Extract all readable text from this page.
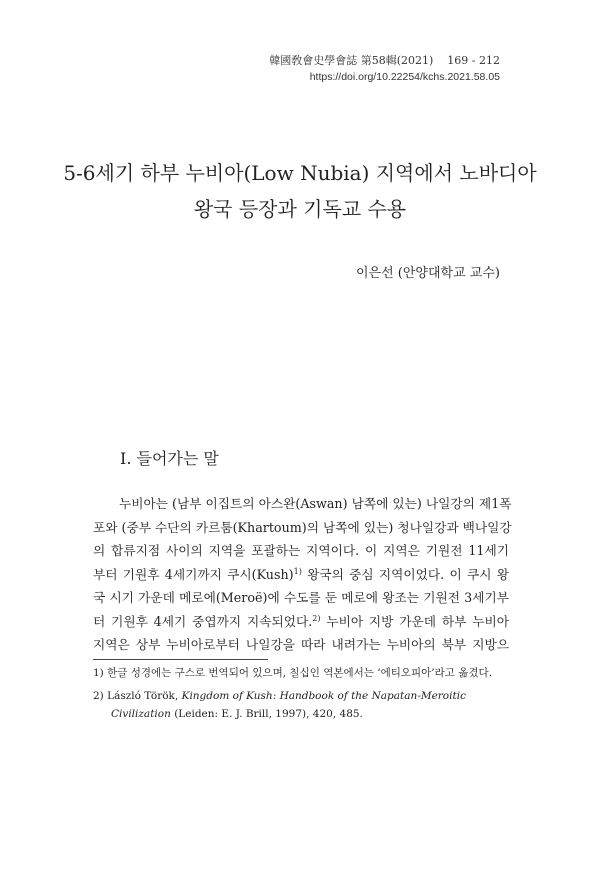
韓國敎會史學會誌 第58輯(2021) 169 - 212
https://doi.org/10.22254/kchs.2021.58.05
5-6세기 하부 누비아(Low Nubia) 지역에서 노바디아
왕국 등장과 기독교 수용
이은선 (안양대학교 교수)
I. 들어가는 말
누비아는 (남부 이집트의 아스완(Aswan) 남쪽에 있는) 나일강의 제1폭
포와 (중부 수단의 카르툼(Khartoum)의 남쪽에 있는) 청나일강과 백나일강
의 합류지점 사이의 지역을 포괄하는 지역이다. 이 지역은 기원전 11세기
부터 기원후 4세기까지 쿠시(Kush)$^{1)}$ 왕국의 중심 지역이었다. 이 쿠시 왕
국 시기 가운데 메로에(Meroë)에 수도를 둔 메로에 왕조는 기원전 3세기부
터 기원후 4세기 중엽까지 지속되었다.$^{2)}$ 누비아 지방 가운데 하부 누비아
지역은 상부 누비아로부터 나일강을 따라 내려가는 누비아의 북부 지방으
1) 한글 성경에는 구스로 번역되어 있으며, 칠십인 역본에서는 ‘에티오피아’라고 옮겼다.
2) László Török, Kingdom of Kush: Handbook of the Napatan-Meroitic Civilization (Leiden: E. J. Brill, 1997), 420, 485.
